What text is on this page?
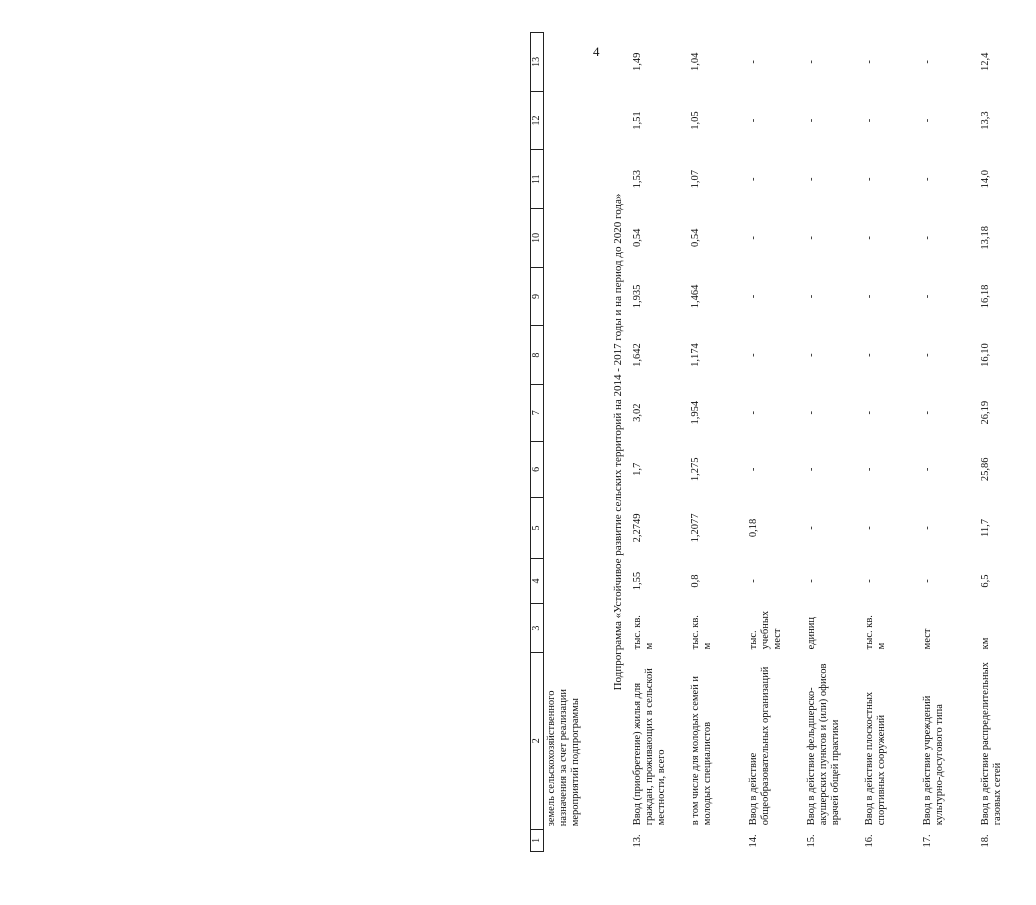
4
1	2	3	4	5	6	7	8	9	10	11	12	13
	земель сельскохозяйственного назначения за счет реализации мероприятий подпрограммы											
Подпрограмма «Устойчивое развитие сельских территорий на 2014 - 2017 годы и на период до 2020 года»												
13.	Ввод (приобретение) жилья для граждан, проживающих в сельской местности, всего	тыс. кв. м	1,55	2,2749	1,7	3,02	1,642	1,935	0,54	1,53	1,51	1,49
	в том числе для молодых семей и молодых специалистов	тыс. кв. м	0,8	1,2077	1,275	1,954	1,174	1,464	0,54	1,07	1,05	1,04
14.	Ввод в действие общеобразовательных организаций	тыс. учебных мест	-	0,18	-	-	-	-	-	-	-	-
15.	Ввод в действие фельдшерско-акушерских пунктов и (или) офисов врачей общей практики	единиц	-	-	-	-	-	-	-	-	-	-
16.	Ввод в действие плоскостных спортивных сооружений	тыс. кв. м	-	-	-	-	-	-	-	-	-	-
17.	Ввод в действие учреждений культурно-досугового типа	мест	-	-	-	-	-	-	-	-	-	-
18.	Ввод в действие распределительных газовых сетей	км	6,5	11,7	25,86	26,19	16,10	16,18	13,18	14,0	13,3	12,4
